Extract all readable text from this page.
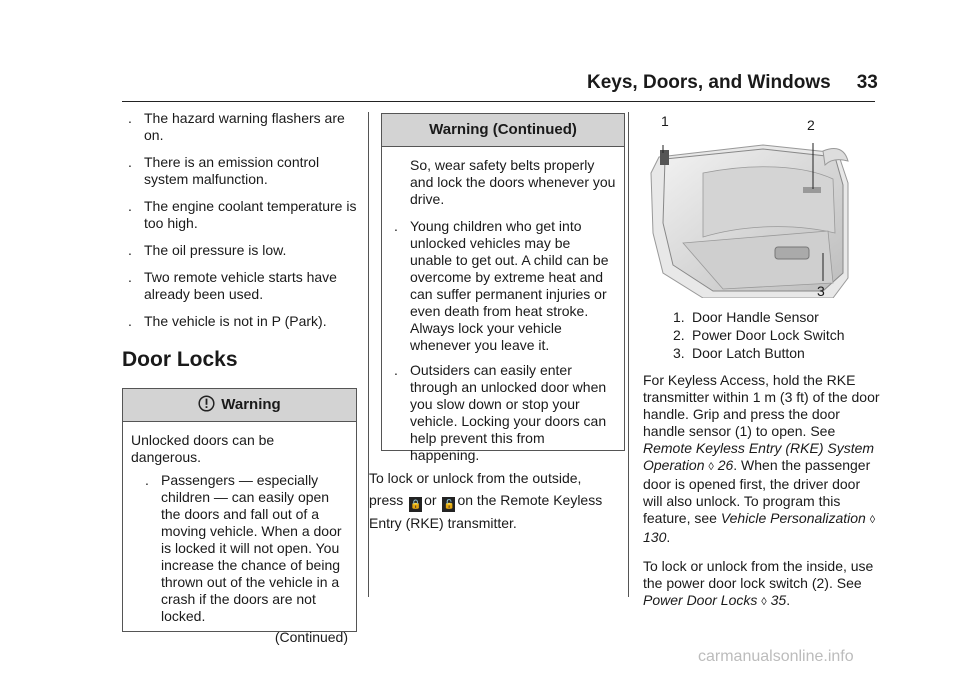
Keys, Doors, and Windows 33
. The hazard warning flashers are on.
. There is an emission control system malfunction.
. The engine coolant temperature is too high.
. The oil pressure is low.
. Two remote vehicle starts have already been used.
. The vehicle is not in P (Park).
Door Locks
Warning

Unlocked doors can be dangerous.

. Passengers — especially children — can easily open the doors and fall out of a moving vehicle. When a door is locked it will not open. You increase the chance of being thrown out of the vehicle in a crash if the doors are not locked.

(Continued)

Warning (Continued)

So, wear safety belts properly and lock the doors whenever you drive.

. Young children who get into unlocked vehicles may be unable to get out. A child can be overcome by extreme heat and can suffer permanent injuries or even death from heat stroke. Always lock your vehicle whenever you leave it.
. Outsiders can easily enter through an unlocked door when you slow down or stop your vehicle. Locking your doors can help prevent this from happening.

To lock or unlock from the outside,
press 🔒 or 🔓 on the Remote Keyless Entry (RKE) transmitter.

1	2
3
1. Door Handle Sensor
2. Power Door Lock Switch
3. Door Latch Button

For Keyless Access, hold the RKE transmitter within 1 m (3 ft) of the door handle. Grip and press the door handle sensor (1) to open. See Remote Keyless Entry (RKE) System Operation ◊ 26. When the passenger door is opened first, the driver door will also unlock. To program this feature, see Vehicle Personalization ◊ 130.

To lock or unlock from the inside, use the power door lock switch (2). See Power Door Locks ◊ 35.

carmanualsonline.info
